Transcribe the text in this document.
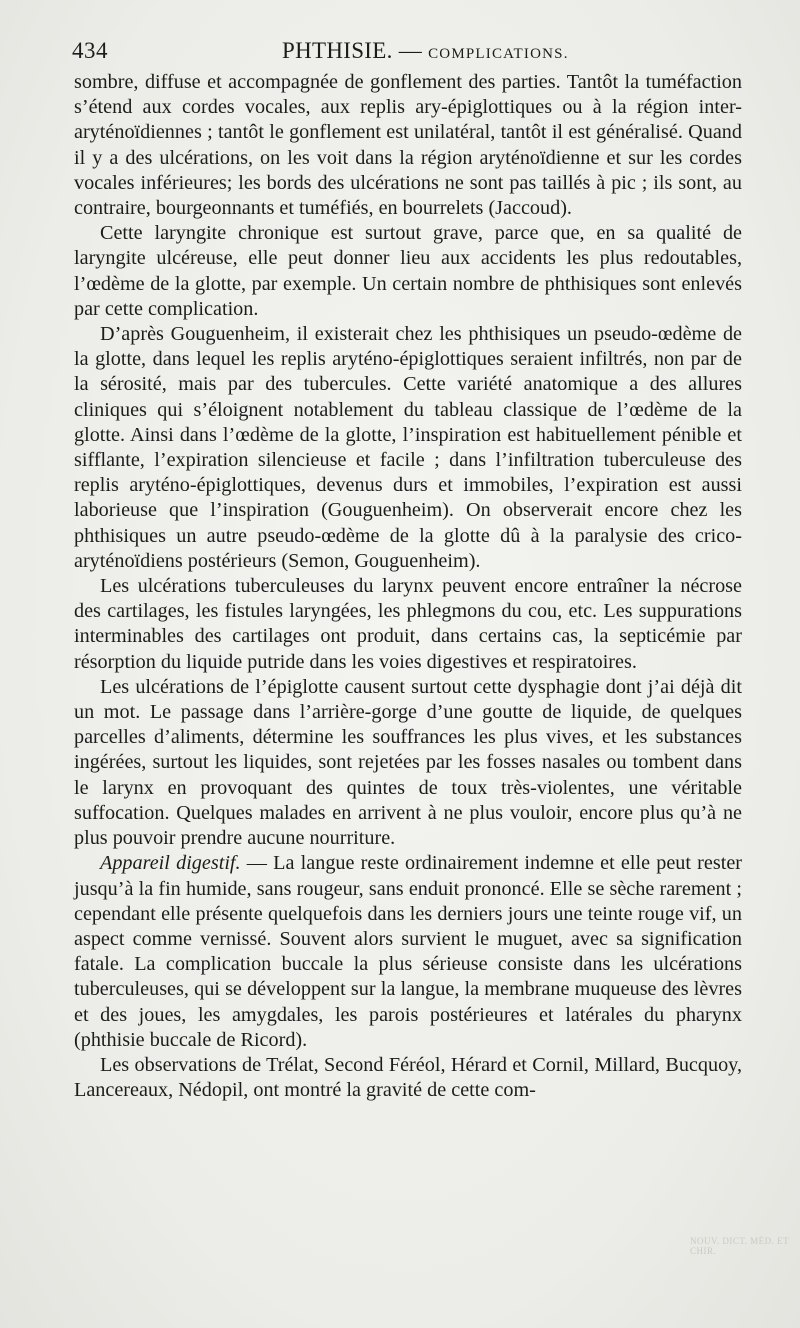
434	PHTHISIE. — COMPLICATIONS.

sombre, diffuse et accompagnée de gonflement des parties. Tantôt la tuméfaction s’étend aux cordes vocales, aux replis ary-épiglottiques ou à la région inter-aryténoïdiennes ; tantôt le gonflement est unilatéral, tantôt il est généralisé. Quand il y a des ulcérations, on les voit dans la région aryténoïdienne et sur les cordes vocales inférieures; les bords des ulcérations ne sont pas taillés à pic ; ils sont, au contraire, bourgeonnants et tuméfiés, en bourrelets (Jaccoud).

Cette laryngite chronique est surtout grave, parce que, en sa qualité de laryngite ulcéreuse, elle peut donner lieu aux accidents les plus redoutables, l’œdème de la glotte, par exemple. Un certain nombre de phthisiques sont enlevés par cette complication.

D’après Gouguenheim, il existerait chez les phthisiques un pseudo-œdème de la glotte, dans lequel les replis aryténo-épiglottiques seraient infiltrés, non par de la sérosité, mais par des tubercules. Cette variété anatomique a des allures cliniques qui s’éloignent notablement du tableau classique de l’œdème de la glotte. Ainsi dans l’œdème de la glotte, l’inspiration est habituellement pénible et sifflante, l’expiration silencieuse et facile ; dans l’infiltration tuberculeuse des replis aryténo-épiglottiques, devenus durs et immobiles, l’expiration est aussi laborieuse que l’inspiration (Gouguenheim). On observerait encore chez les phthisiques un autre pseudo-œdème de la glotte dû à la paralysie des crico-aryténoïdiens postérieurs (Semon, Gouguenheim).

Les ulcérations tuberculeuses du larynx peuvent encore entraîner la nécrose des cartilages, les fistules laryngées, les phlegmons du cou, etc. Les suppurations interminables des cartilages ont produit, dans certains cas, la septicémie par résorption du liquide putride dans les voies digestives et respiratoires.

Les ulcérations de l’épiglotte causent surtout cette dysphagie dont j’ai déjà dit un mot. Le passage dans l’arrière-gorge d’une goutte de liquide, de quelques parcelles d’aliments, détermine les souffrances les plus vives, et les substances ingérées, surtout les liquides, sont rejetées par les fosses nasales ou tombent dans le larynx en provoquant des quintes de toux très-violentes, une véritable suffocation. Quelques malades en arrivent à ne plus vouloir, encore plus qu’à ne plus pouvoir prendre aucune nourriture.

Appareil digestif. — La langue reste ordinairement indemne et elle peut rester jusqu’à la fin humide, sans rougeur, sans enduit prononcé. Elle se sèche rarement ; cependant elle présente quelquefois dans les derniers jours une teinte rouge vif, un aspect comme vernissé. Souvent alors survient le muguet, avec sa signification fatale. La complication buccale la plus sérieuse consiste dans les ulcérations tuberculeuses, qui se développent sur la langue, la membrane muqueuse des lèvres et des joues, les amygdales, les parois postérieures et latérales du pharynx (phthisie buccale de Ricord).

Les observations de Trélat, Second Féréol, Hérard et Cornil, Millard, Bucquoy, Lancereaux, Nédopil, ont montré la gravité de cette com-

NOUV. DICT. MÉD. ET CHIR.
